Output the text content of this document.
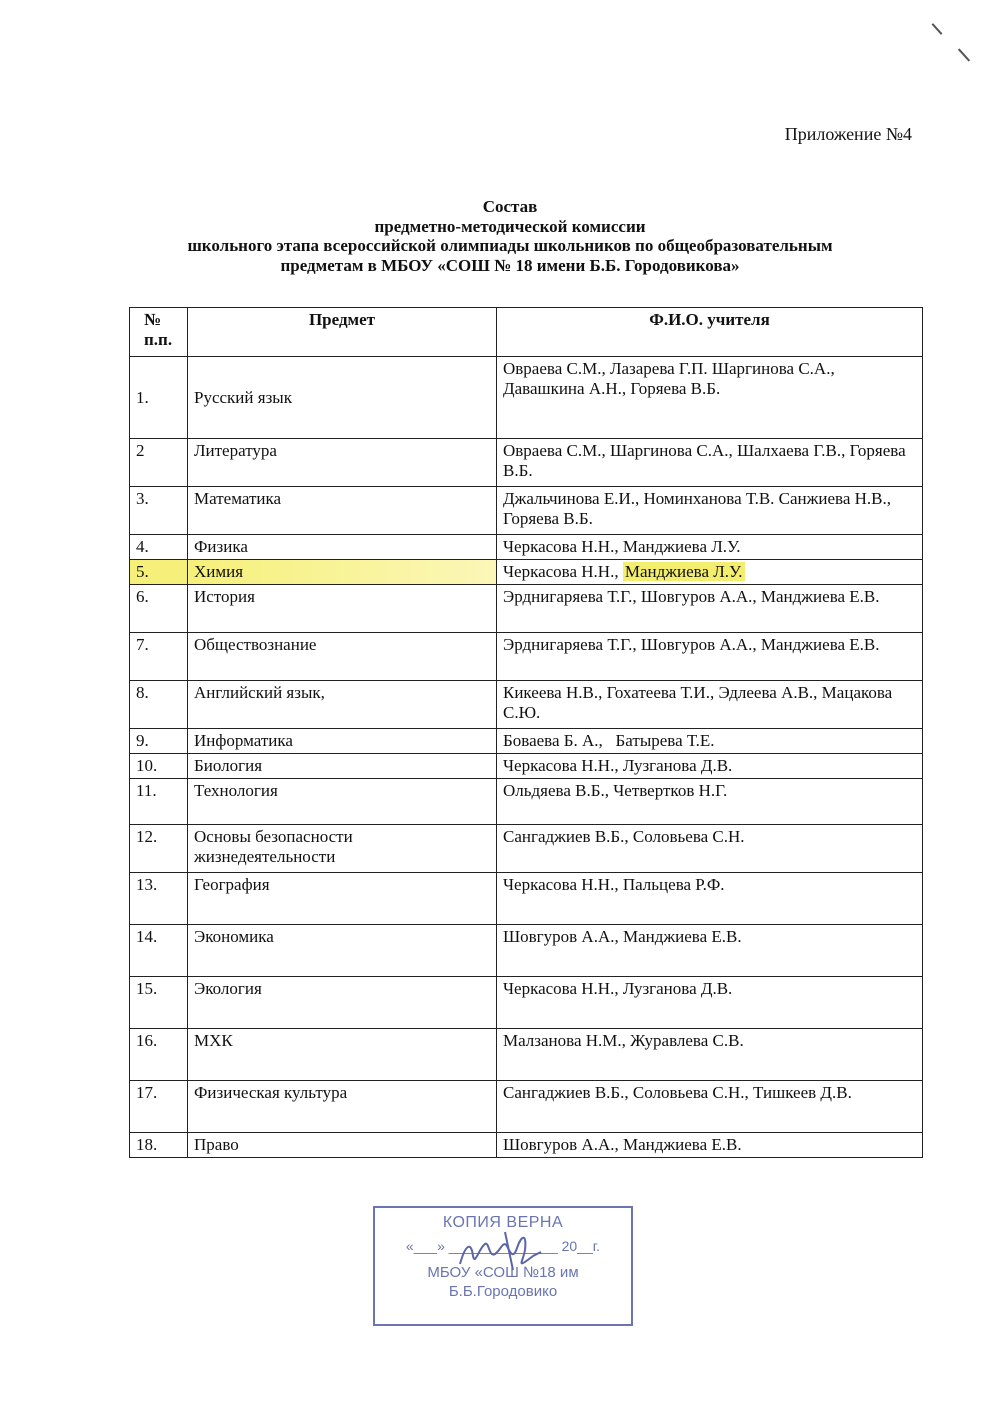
Приложение №4
Состав
предметно-методической комиссии
школьного этапа всероссийской олимпиады школьников по общеобразовательным
предметам в МБОУ «СОШ № 18 имени Б.Б. Городовикова»
№ п.п.	Предмет	Ф.И.О. учителя
1.	Русский язык	Овраева С.М., Лазарева Г.П. Шаргинова С.А., Давашкина А.Н., Горяева В.Б.
2	Литература	Овраева С.М., Шаргинова С.А., Шалхаева Г.В., Горяева В.Б.
3.	Математика	Джальчинова Е.И., Номинханова Т.В. Санжиева Н.В., Горяева В.Б.
4.	Физика	Черкасова Н.Н., Манджиева Л.У.
5.	Химия	Черкасова Н.Н., Манджиева Л.У.
6.	История	Эрднигаряева Т.Г., Шовгуров А.А., Манджиева Е.В.
7.	Обществознание	Эрднигаряева Т.Г., Шовгуров А.А., Манджиева Е.В.
8.	Английский язык,	Кикеева Н.В., Гохатеева Т.И., Эдлеева А.В., Мацакова С.Ю.
9.	Информатика	Боваева Б. А.,   Батырева Т.Е.
10.	Биология	Черкасова Н.Н., Лузганова Д.В.
11.	Технология	Ольдяева В.Б., Четвертков Н.Г.
12.	Основы безопасности жизнедеятельности	Сангаджиев В.Б., Соловьева С.Н.
13.	География	Черкасова Н.Н., Пальцева Р.Ф.
14.	Экономика	Шовгуров А.А., Манджиева Е.В.
15.	Экология	Черкасова Н.Н., Лузганова Д.В.
16.	МХК	Малзанова Н.М., Журавлева С.В.
17.	Физическая культура	Сангаджиев В.Б., Соловьева С.Н., Тишкеев Д.В.
18.	Право	Шовгуров А.А., Манджиева Е.В.
КОПИЯ ВЕРНА
«___» ______________ 20__г.
МБОУ «СОШ №18 им
Б.Б.Городовико
